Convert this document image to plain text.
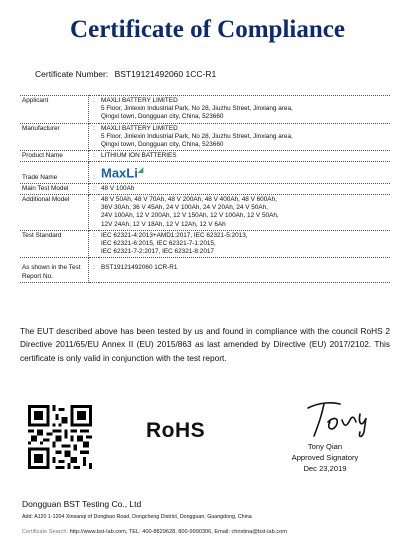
Certificate of Compliance
Certificate Number: BST19121492060 1CC-R1
Applicant	:	MAXLI BATTERY LIMITED
5 Floor, Jinlexin Industrial Park, No 28, Jiuzhu Street, Jinxiang area,
Qingxi town, Dongguan city, China, 523660

Manufacturer	:	MAXLI BATTERY LIMITED
5 Floor, Jinlexin Industrial Park, No 28, Jiuzhu Street, Jinxiang area,
Qingxi town, Dongguan city, China, 523660

Product Name	:	LITHIUM ION BATTERIES
Trade Name	:	MaxLi◢
Main Test Model	:	48 V 100Ah
Additional Model	:	48 V 50Ah, 48 V 70Ah, 48 V 200Ah, 48 V 400Ah, 48 V 600Ah,
36V 30Ah, 36 V 45Ah, 24 V 100Ah, 24 V 20Ah, 24 V 50Ah,
24V 100Ah, 12 V 200Ah, 12 V 150Ah, 12 V 100Ah, 12 V 50Ah,
12V 24Ah, 12 V 18Ah, 12 V 12Ah, 12 V 6Ah

Test Standard	:	IEC 62321-4:2013+AMD1:2017, IEC 62321-5:2013,
IEC 62321-6:2015, IEC 62321-7-1:2015,
IEC 62321-7-2:2017, IEC 62321-8:2017

As shown in the Test Report No.	:	BST19121492060 1CR-R1
The EUT described above has been tested by us and found in compliance with the council RoHS 2 Directive 2011/65/EU Annex II (EU) 2015/863 as last amended by Directive (EU) 2017/2102. This certificate is only valid in conjunction with the test report.
RoHS
Tony Qian
Approved Signatory
Dec 23,2019
Dongguan BST Testing Co., Ltd
Add: A120 1-1204 Xinsanqi of Dongbao Road, Dongcheng District, Dongguan, Guangdong, China
Certificate Search: http://www.bst-lab.com, TEL: 400-8829628, 800-9990306, Email: christina@bst-lab.com
